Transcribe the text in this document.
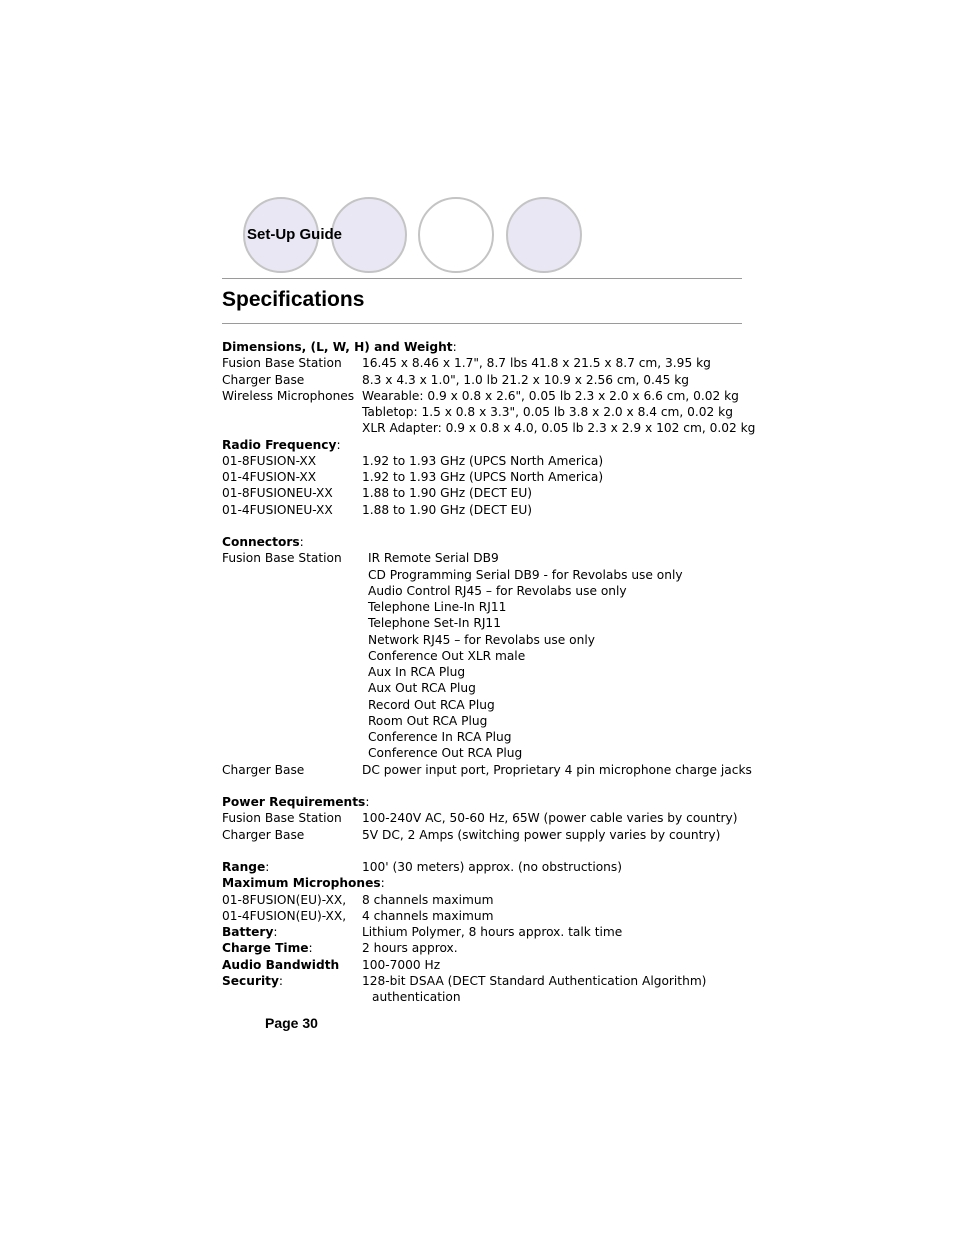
Set-Up Guide
Specifications
Dimensions, (L, W, H) and Weight:
Fusion Base Station 16.45 x 8.46 x 1.7", 8.7 lbs 41.8 x 21.5 x 8.7 cm, 3.95 kg
Charger Base	8.3 x 4.3 x 1.0", 1.0 lb 21.2 x 10.9 x 2.56 cm, 0.45 kg
Wireless Microphones Wearable: 0.9 x 0.8 x 2.6", 0.05 lb 2.3 x 2.0 x 6.6 cm, 0.02 kg
Tabletop: 1.5 x 0.8 x 3.3", 0.05 lb 3.8 x 2.0 x 8.4 cm, 0.02 kg
XLR Adapter: 0.9 x 0.8 x 4.0, 0.05 lb 2.3 x 2.9 x 102 cm, 0.02 kg
Radio Frequency:
01-8FUSION-XX	1.92 to 1.93 GHz (UPCS North America)
01-4FUSION-XX	1.92 to 1.93 GHz (UPCS North America)
01-8FUSIONEU-XX 1.88 to 1.90 GHz (DECT EU)
01-4FUSIONEU-XX 1.88 to 1.90 GHz (DECT EU)
Connectors:
Fusion Base Station IR Remote Serial DB9
CD Programming Serial DB9 - for Revolabs use only
Audio Control RJ45 – for Revolabs use only
Telephone Line-In RJ11
Telephone Set-In RJ11
Network RJ45 – for Revolabs use only
Conference Out XLR male
Aux In RCA Plug
Aux Out RCA Plug
Record Out RCA Plug
Room Out RCA Plug
Conference In RCA Plug
Conference Out RCA Plug
Charger Base	DC power input port, Proprietary 4 pin microphone charge jacks
Power Requirements:
Fusion Base Station 100-240V AC, 50-60 Hz, 65W (power cable varies by country)
Charger Base	5V DC, 2 Amps (switching power supply varies by country)
Range:	100' (30 meters) approx. (no obstructions)
Maximum Microphones:
01-8FUSION(EU)-XX, 8 channels maximum
01-4FUSION(EU)-XX, 4 channels maximum
Battery:	Lithium Polymer, 8 hours approx. talk time
Charge Time:	2 hours approx.
Audio Bandwidth 100-7000 Hz
Security:	128-bit DSAA (DECT Standard Authentication Algorithm)
authentication
Page 30
